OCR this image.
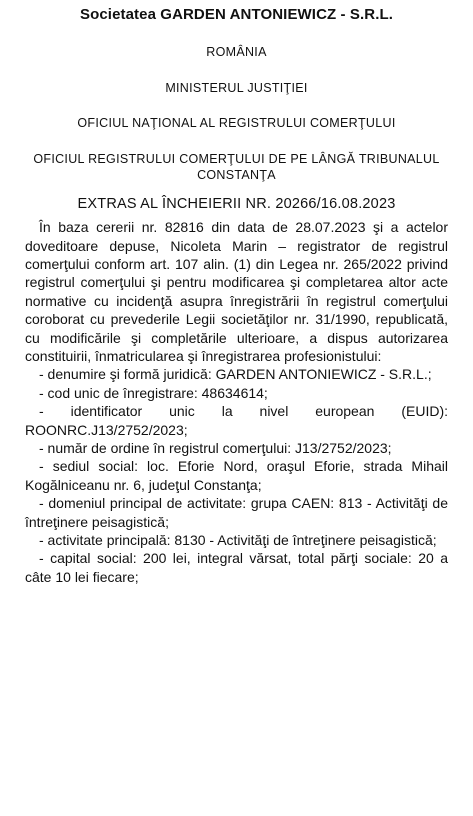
Societatea GARDEN ANTONIEWICZ - S.R.L.
ROMÂNIA
MINISTERUL JUSTIŢIEI
OFICIUL NAŢIONAL AL REGISTRULUI COMERŢULUI
OFICIUL REGISTRULUI COMERŢULUI DE PE LÂNGĂ TRIBUNALUL CONSTANŢA
EXTRAS AL ÎNCHEIERII NR. 20266/16.08.2023

În baza cererii nr. 82816 din data de 28.07.2023 şi a actelor doveditoare depuse, Nicoleta Marin – registrator de registrul comerţului conform art. 107 alin. (1) din Legea nr. 265/2022 privind registrul comerţului şi pentru modificarea şi completarea altor acte normative cu incidenţă asupra înregistrării în registrul comerţului coroborat cu prevederile Legii societăţilor nr. 31/1990, republicată, cu modificările şi completările ulterioare, a dispus autorizarea constituirii, înmatricularea şi înregistrarea profesionistului:

- denumire şi formă juridică: GARDEN ANTONIEWICZ - S.R.L.;

- cod unic de înregistrare: 48634614;

- identificator unic la nivel european (EUID): ROONRC.J13/2752/2023;

- număr de ordine în registrul comerţului: J13/2752/2023;

- sediul social: loc. Eforie Nord, oraşul Eforie, strada Mihail Kogălniceanu nr. 6, judeţul Constanţa;

- domeniul principal de activitate: grupa CAEN: 813 - Activităţi de întreţinere peisagistică;

- activitate principală: 8130 - Activităţi de întreţinere peisagistică;

- capital social: 200 lei, integral vărsat, total părţi sociale: 20 a câte 10 lei fiecare;
